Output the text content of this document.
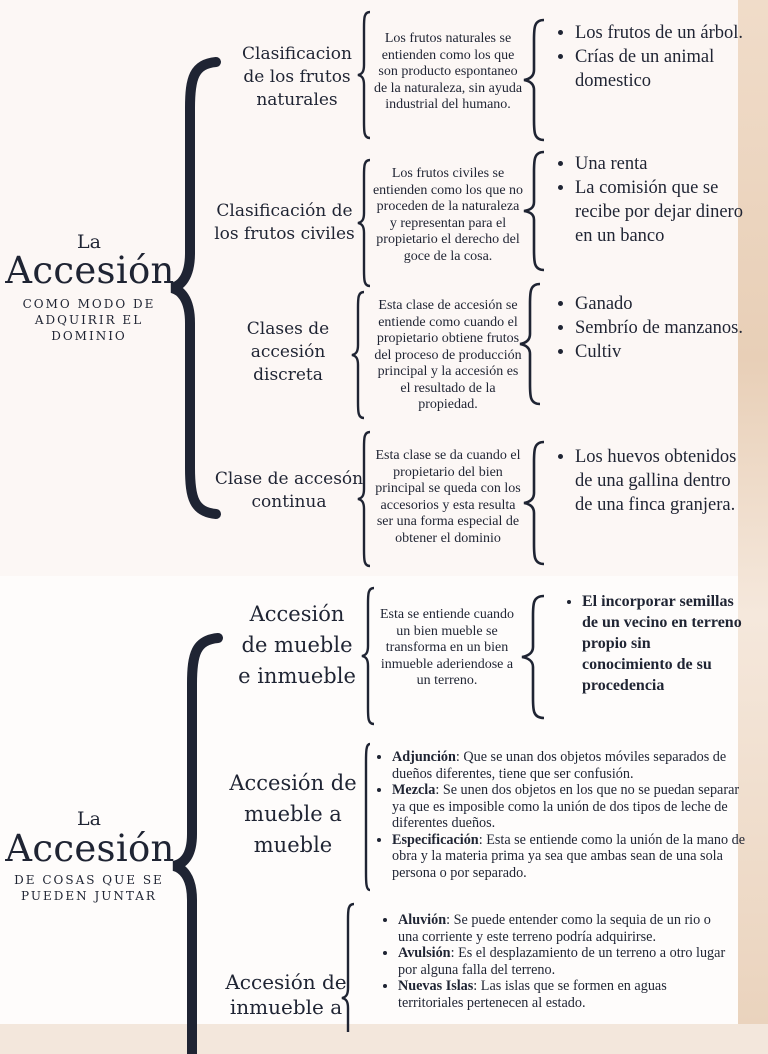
La
Accesión
COMO MODO DE ADQUIRIR EL DOMINIO
Clasificacion de los frutos naturales
Los frutos naturales se entienden como los que son producto espontaneo de la naturaleza, sin ayuda industrial del humano.
• Los frutos de un árbol.
• Crías de un animal domestico
Clasificación de los frutos civiles
Los frutos civiles se entienden como los que no proceden de la naturaleza y representan para el propietario el derecho del goce de la cosa.
• Una renta
• La comisión que se recibe por dejar dinero en un banco
Clases de accesión discreta
Esta clase de accesión se entiende como cuando el propietario obtiene frutos del proceso de producción principal y la accesión es el resultado de la propiedad.
• Ganado
• Sembrío de manzanos.
• Cultiv
Clase de accesón continua
Esta clase se da cuando el propietario del bien principal se queda con los accesorios y esta resulta ser una forma especial de obtener el dominio
• Los huevos obtenidos de una gallina dentro de una finca granjera.
La
Accesión
DE COSAS QUE SE PUEDEN JUNTAR
Accesión de mueble e inmueble
Esta se entiende cuando un bien mueble se transforma en un bien inmueble aderiendose a un terreno.
• El incorporar semillas de un vecino en terreno propio sin conocimiento de su procedencia
Accesión de mueble a mueble
• Adjunción: Que se unan dos objetos móviles separados de dueños diferentes, tiene que ser confusión.
• Mezcla: Se unen dos objetos en los que no se puedan separar ya que es imposible como la unión de dos tipos de leche de diferentes dueños.
• Especificación: Esta se entiende como la unión de la mano de obra y la materia prima ya sea que ambas sean de una sola persona o por separado.
Accesión de inmueble a
• Aluvión: Se puede entender como la sequia de un rio o una corriente y este terreno podría adquirirse.
• Avulsión: Es el desplazamiento de un terreno a otro lugar por alguna falla del terreno.
• Nuevas Islas: Las islas que se formen en aguas territoriales pertenecen al estado.
